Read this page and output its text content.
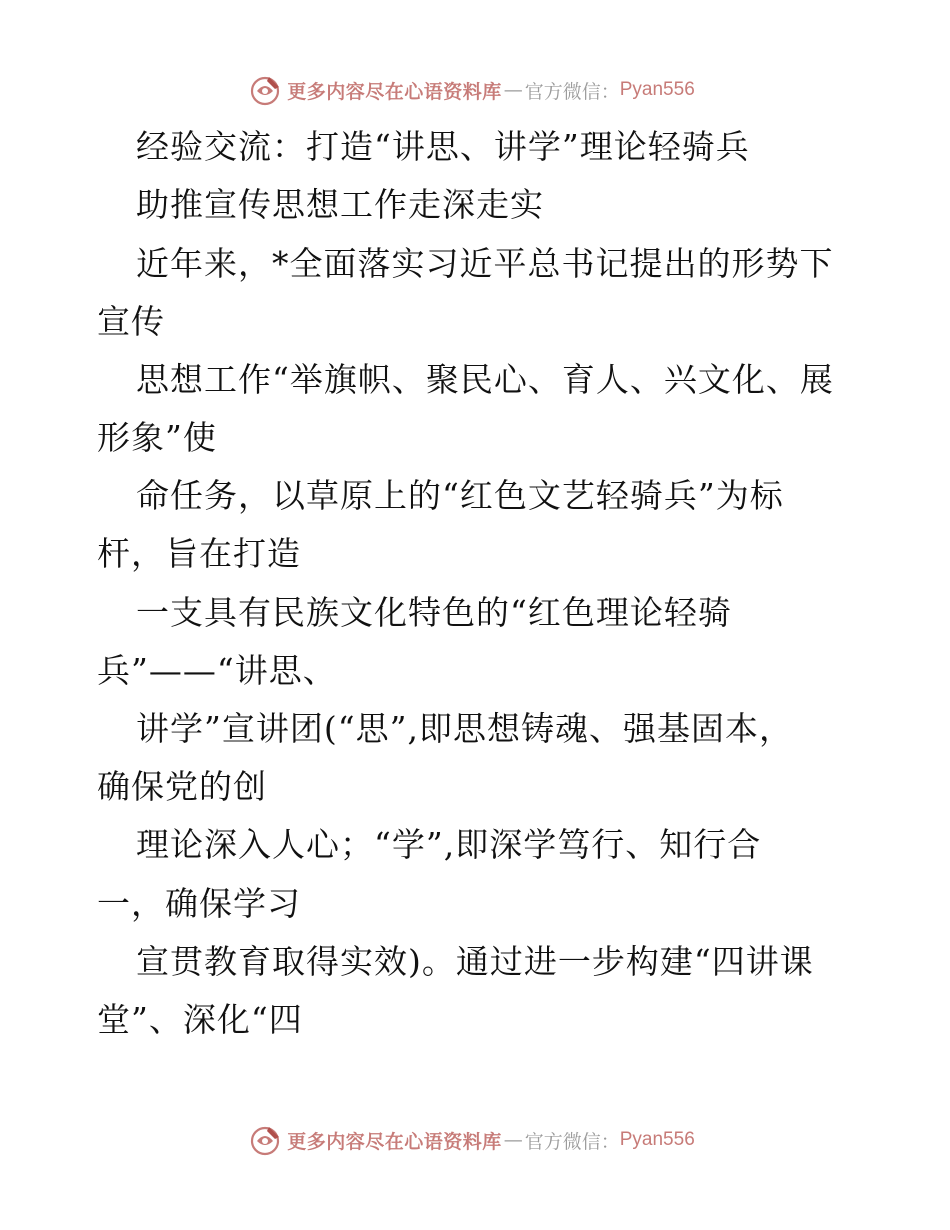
更多内容尽在心语资料库 — 官方微信： Pyan556
经验交流：打造“讲思、讲学”理论轻骑兵
助推宣传思想工作走深走实
近年来，*全面落实习近平总书记提出的形势下
宣传
思想工作“举旗帜、聚民心、育人、兴文化、展
形象”使
命任务，以草原上的“红色文艺轻骑兵”为标
杆，旨在打造
一支具有民族文化特色的“红色理论轻骑
兵”——“讲思、
讲学”宣讲团(“思”,即思想铸魂、强基固本，
确保党的创
理论深入人心；“学”,即深学笃行、知行合
一，确保学习
宣贯教育取得实效)。通过进一步构建“四讲课
堂”、深化“四
更多内容尽在心语资料库 — 官方微信： Pyan556
